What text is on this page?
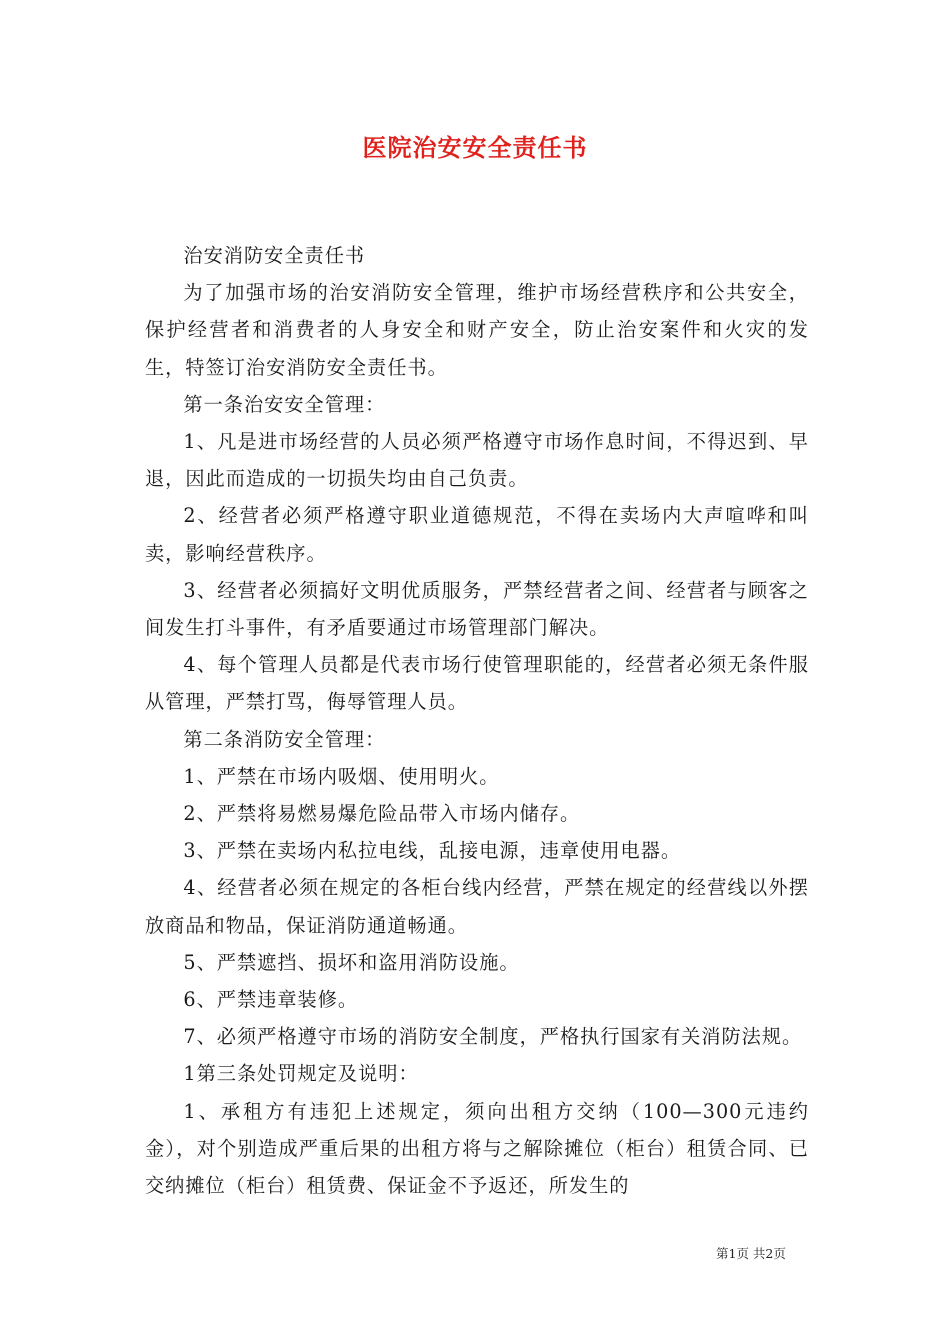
医院治安安全责任书

治安消防安全责任书

为了加强市场的治安消防安全管理，维护市场经营秩序和公共安全，保护经营者和消费者的人身安全和财产安全，防止治安案件和火灾的发生，特签订治安消防安全责任书。

第一条治安安全管理：

1、凡是进市场经营的人员必须严格遵守市场作息时间，不得迟到、早退，因此而造成的一切损失均由自己负责。

2、经营者必须严格遵守职业道德规范，不得在卖场内大声喧哗和叫卖，影响经营秩序。

3、经营者必须搞好文明优质服务，严禁经营者之间、经营者与顾客之间发生打斗事件，有矛盾要通过市场管理部门解决。

4、每个管理人员都是代表市场行使管理职能的，经营者必须无条件服从管理，严禁打骂，侮辱管理人员。

第二条消防安全管理：

1、严禁在市场内吸烟、使用明火。

2、严禁将易燃易爆危险品带入市场内储存。

3、严禁在卖场内私拉电线，乱接电源，违章使用电器。

4、经营者必须在规定的各柜台线内经营，严禁在规定的经营线以外摆放商品和物品，保证消防通道畅通。

5、严禁遮挡、损坏和盗用消防设施。

6、严禁违章装修。

7、必须严格遵守市场的消防安全制度，严格执行国家有关消防法规。

1第三条处罚规定及说明：

1、承租方有违犯上述规定，须向出租方交纳（100—300元违约金），对个别造成严重后果的出租方将与之解除摊位（柜台）租赁合同、已交纳摊位（柜台）租赁费、保证金不予返还，所发生的

第1页 共2页
